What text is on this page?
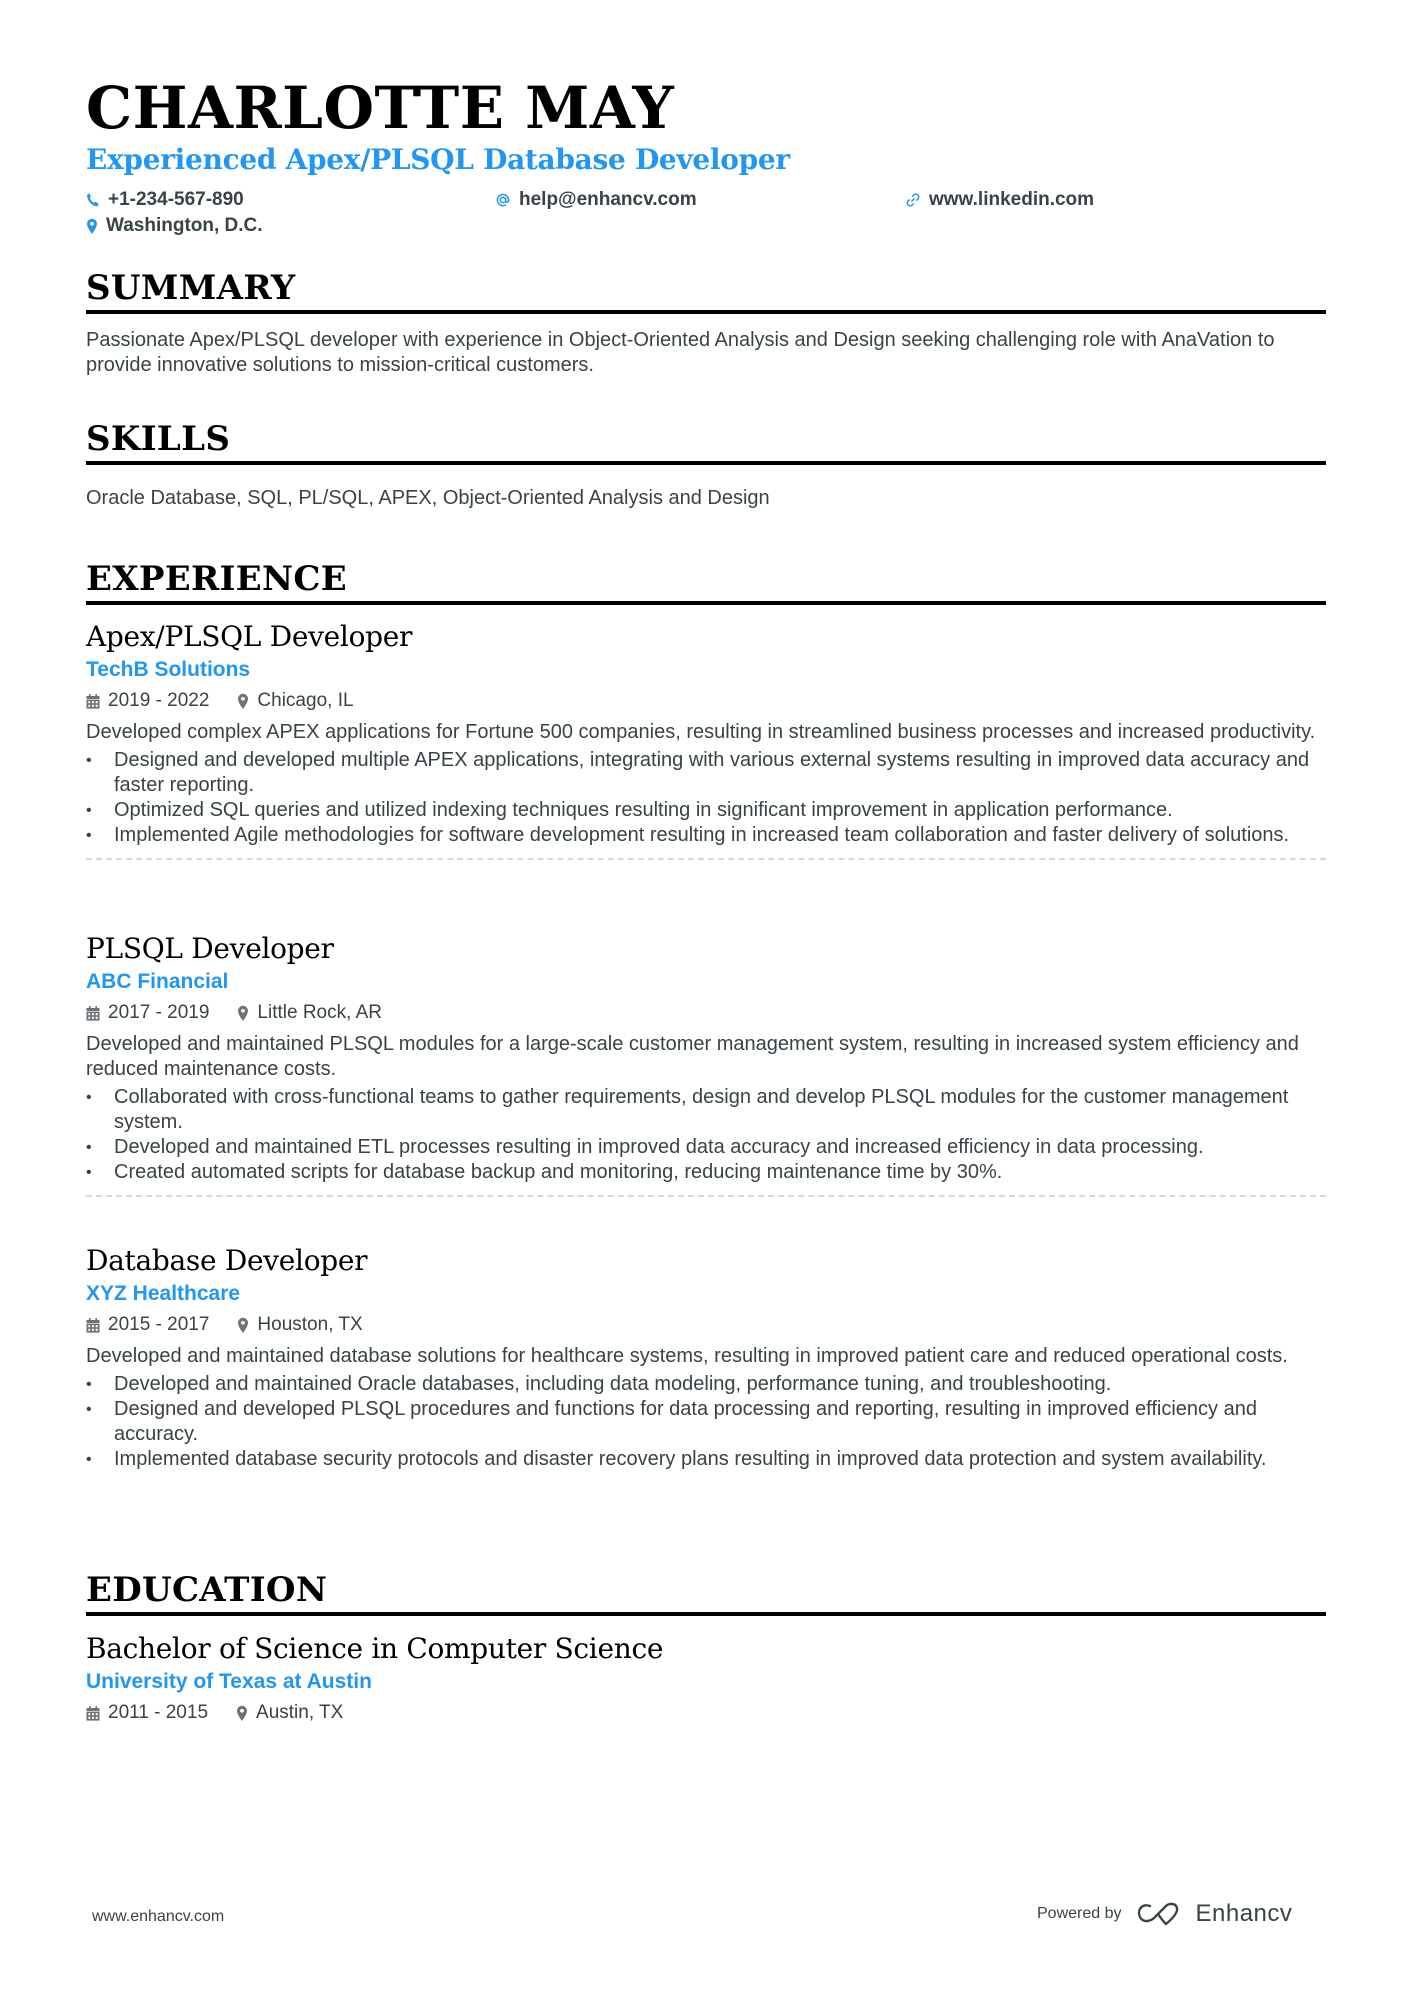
CHARLOTTE MAY
Experienced Apex/PLSQL Database Developer
+1-234-567-890	help@enhancv.com	www.linkedin.com
Washington, D.C.
SUMMARY

Passionate Apex/PLSQL developer with experience in Object-Oriented Analysis and Design seeking challenging role with AnaVation to provide innovative solutions to mission-critical customers.

SKILLS

Oracle Database, SQL, PL/SQL, APEX, Object-Oriented Analysis and Design

EXPERIENCE
Apex/PLSQL Developer
TechB Solutions
2019 - 2022	Chicago, IL
Developed complex APEX applications for Fortune 500 companies, resulting in streamlined business processes and increased productivity.
• Designed and developed multiple APEX applications, integrating with various external systems resulting in improved data accuracy and faster reporting.
• Optimized SQL queries and utilized indexing techniques resulting in significant improvement in application performance.
• Implemented Agile methodologies for software development resulting in increased team collaboration and faster delivery of solutions.
PLSQL Developer
ABC Financial
2017 - 2019	Little Rock, AR
Developed and maintained PLSQL modules for a large-scale customer management system, resulting in increased system efficiency and reduced maintenance costs.
• Collaborated with cross-functional teams to gather requirements, design and develop PLSQL modules for the customer management system.
• Developed and maintained ETL processes resulting in improved data accuracy and increased efficiency in data processing.
• Created automated scripts for database backup and monitoring, reducing maintenance time by 30%.
Database Developer
XYZ Healthcare
2015 - 2017	Houston, TX
Developed and maintained database solutions for healthcare systems, resulting in improved patient care and reduced operational costs.
• Developed and maintained Oracle databases, including data modeling, performance tuning, and troubleshooting.
• Designed and developed PLSQL procedures and functions for data processing and reporting, resulting in improved efficiency and accuracy.
• Implemented database security protocols and disaster recovery plans resulting in improved data protection and system availability.
EDUCATION
Bachelor of Science in Computer Science
University of Texas at Austin
2011 - 2015	Austin, TX
www.enhancv.com	Powered by	Enhancv
